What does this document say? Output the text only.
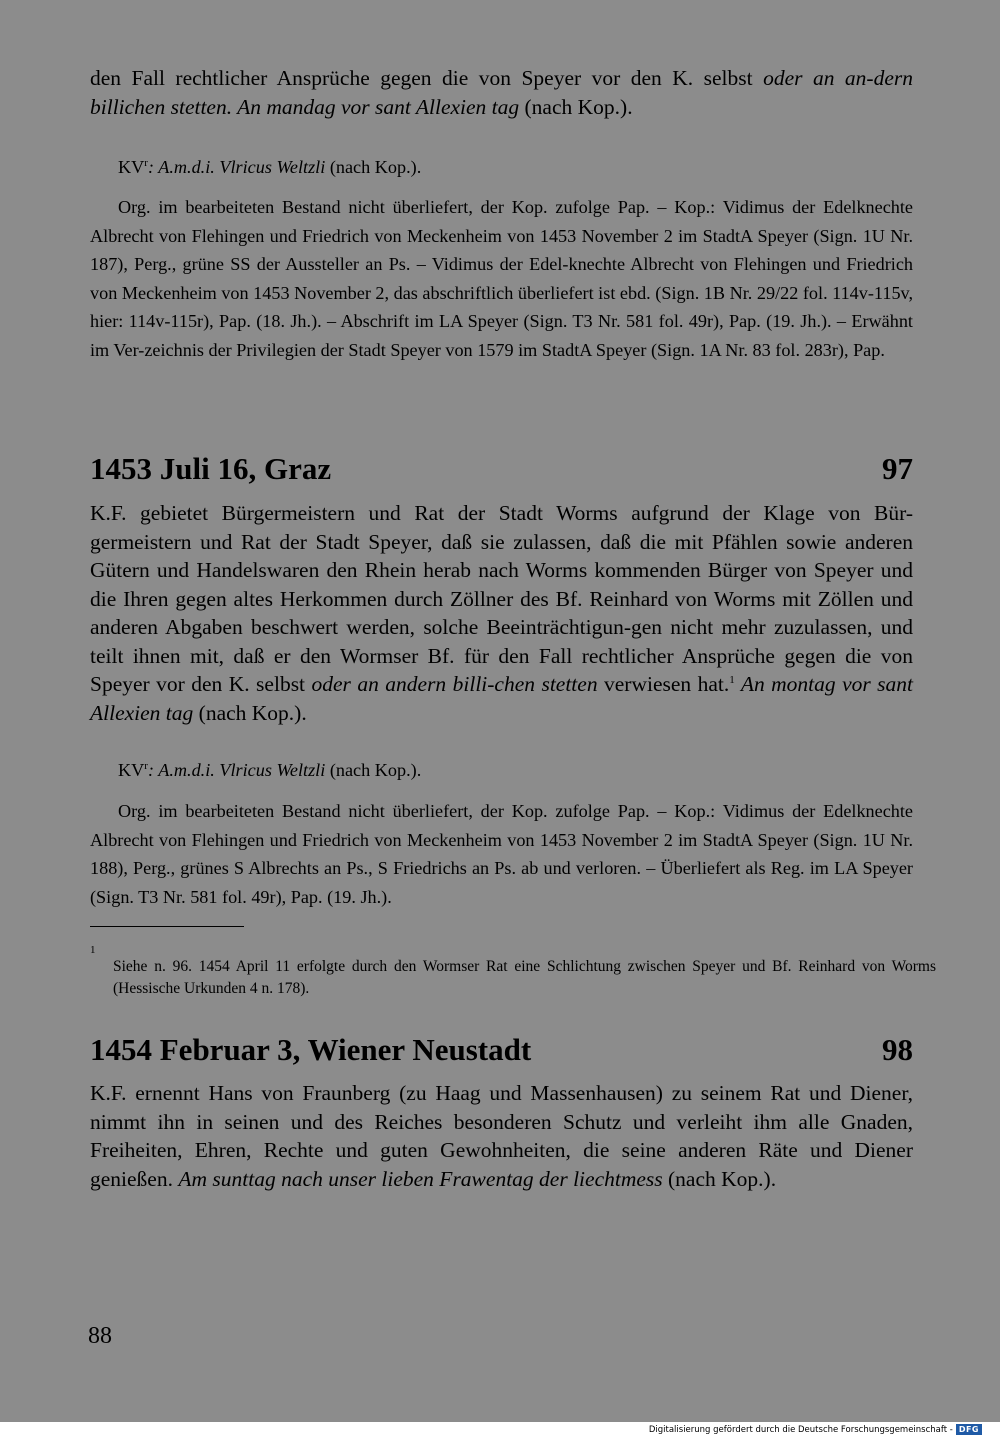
den Fall rechtlicher Ansprüche gegen die von Speyer vor den K. selbst oder an an-dern billichen stetten. An mandag vor sant Allexien tag (nach Kop.).

$KV^r$: A.m.d.i. Vlricus Weltzli (nach Kop.).

Org. im bearbeiteten Bestand nicht überliefert, der Kop. zufolge Pap. – Kop.: Vidimus der Edelknechte Albrecht von Flehingen und Friedrich von Meckenheim von 1453 November 2 im StadtA Speyer (Sign. 1U Nr. 187), Perg., grüne SS der Aussteller an Ps. – Vidimus der Edel-knechte Albrecht von Flehingen und Friedrich von Meckenheim von 1453 November 2, das abschriftlich überliefert ist ebd. (Sign. 1B Nr. 29/22 fol. 114v-115v, hier: 114v-115r), Pap. (18. Jh.). – Abschrift im LA Speyer (Sign. T3 Nr. 581 fol. 49r), Pap. (19. Jh.). – Erwähnt im Ver-zeichnis der Privilegien der Stadt Speyer von 1579 im StadtA Speyer (Sign. 1A Nr. 83 fol. 283r), Pap.

1453 Juli 16, Graz	97

K.F. gebietet Bürgermeistern und Rat der Stadt Worms aufgrund der Klage von Bür-germeistern und Rat der Stadt Speyer, daß sie zulassen, daß die mit Pfählen sowie anderen Gütern und Handelswaren den Rhein herab nach Worms kommenden Bürger von Speyer und die Ihren gegen altes Herkommen durch Zöllner des Bf. Reinhard von Worms mit Zöllen und anderen Abgaben beschwert werden, solche Beeinträchtigun-gen nicht mehr zuzulassen, und teilt ihnen mit, daß er den Wormser Bf. für den Fall rechtlicher Ansprüche gegen die von Speyer vor den K. selbst oder an andern billi-chen stetten verwiesen hat.$^1$ An montag vor sant Allexien tag (nach Kop.).

$KV^r$: A.m.d.i. Vlricus Weltzli (nach Kop.).

Org. im bearbeiteten Bestand nicht überliefert, der Kop. zufolge Pap. – Kop.: Vidimus der Edelknechte Albrecht von Flehingen und Friedrich von Meckenheim von 1453 November 2 im StadtA Speyer (Sign. 1U Nr. 188), Perg., grünes S Albrechts an Ps., S Friedrichs an Ps. ab und verloren. – Überliefert als Reg. im LA Speyer (Sign. T3 Nr. 581 fol. 49r), Pap. (19. Jh.).

1
Siehe n. 96. 1454 April 11 erfolgte durch den Wormser Rat eine Schlichtung zwischen Speyer und Bf. Reinhard von Worms (Hessische Urkunden 4 n. 178).

1454 Februar 3, Wiener Neustadt	98

K.F. ernennt Hans von Fraunberg (zu Haag und Massenhausen) zu seinem Rat und Diener, nimmt ihn in seinen und des Reiches besonderen Schutz und verleiht ihm alle Gnaden, Freiheiten, Ehren, Rechte und guten Gewohnheiten, die seine anderen Räte und Diener genießen. Am sunttag nach unser lieben Frawentag der liechtmess (nach Kop.).

88
Digitalisierung gefördert durch die Deutsche Forschungsgemeinschaft - DFG
